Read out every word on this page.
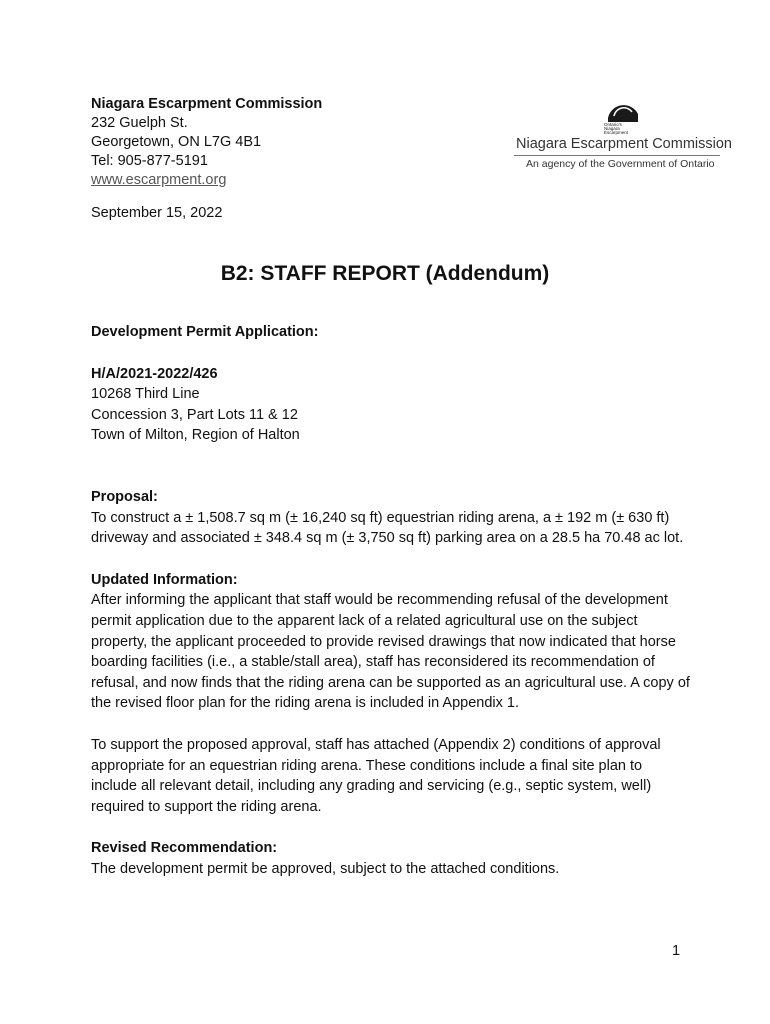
Niagara Escarpment Commission
232 Guelph St.
Georgetown, ON L7G 4B1
Tel: 905-877-5191
www.escarpment.org
Ontario's
Niagara
Escarpment
Niagara Escarpment Commission
An agency of the Government of Ontario
September 15, 2022
B2: STAFF REPORT (Addendum)

Development Permit Application:

H/A/2021-2022/426

10268 Third Line

Concession 3, Part Lots 11 & 12

Town of Milton, Region of Halton

Proposal:

To construct a ± 1,508.7 sq m (± 16,240 sq ft) equestrian riding arena, a ± 192 m (± 630 ft) driveway and associated ± 348.4 sq m (± 3,750 sq ft) parking area on a 28.5 ha 70.48 ac lot.

Updated Information:

After informing the applicant that staff would be recommending refusal of the development permit application due to the apparent lack of a related agricultural use on the subject property, the applicant proceeded to provide revised drawings that now indicated that horse boarding facilities (i.e., a stable/stall area), staff has reconsidered its recommendation of refusal, and now finds that the riding arena can be supported as an agricultural use. A copy of the revised floor plan for the riding arena is included in Appendix 1.

To support the proposed approval, staff has attached (Appendix 2) conditions of approval appropriate for an equestrian riding arena. These conditions include a final site plan to include all relevant detail, including any grading and servicing (e.g., septic system, well) required to support the riding arena.

Revised Recommendation:

The development permit be approved, subject to the attached conditions.

1
